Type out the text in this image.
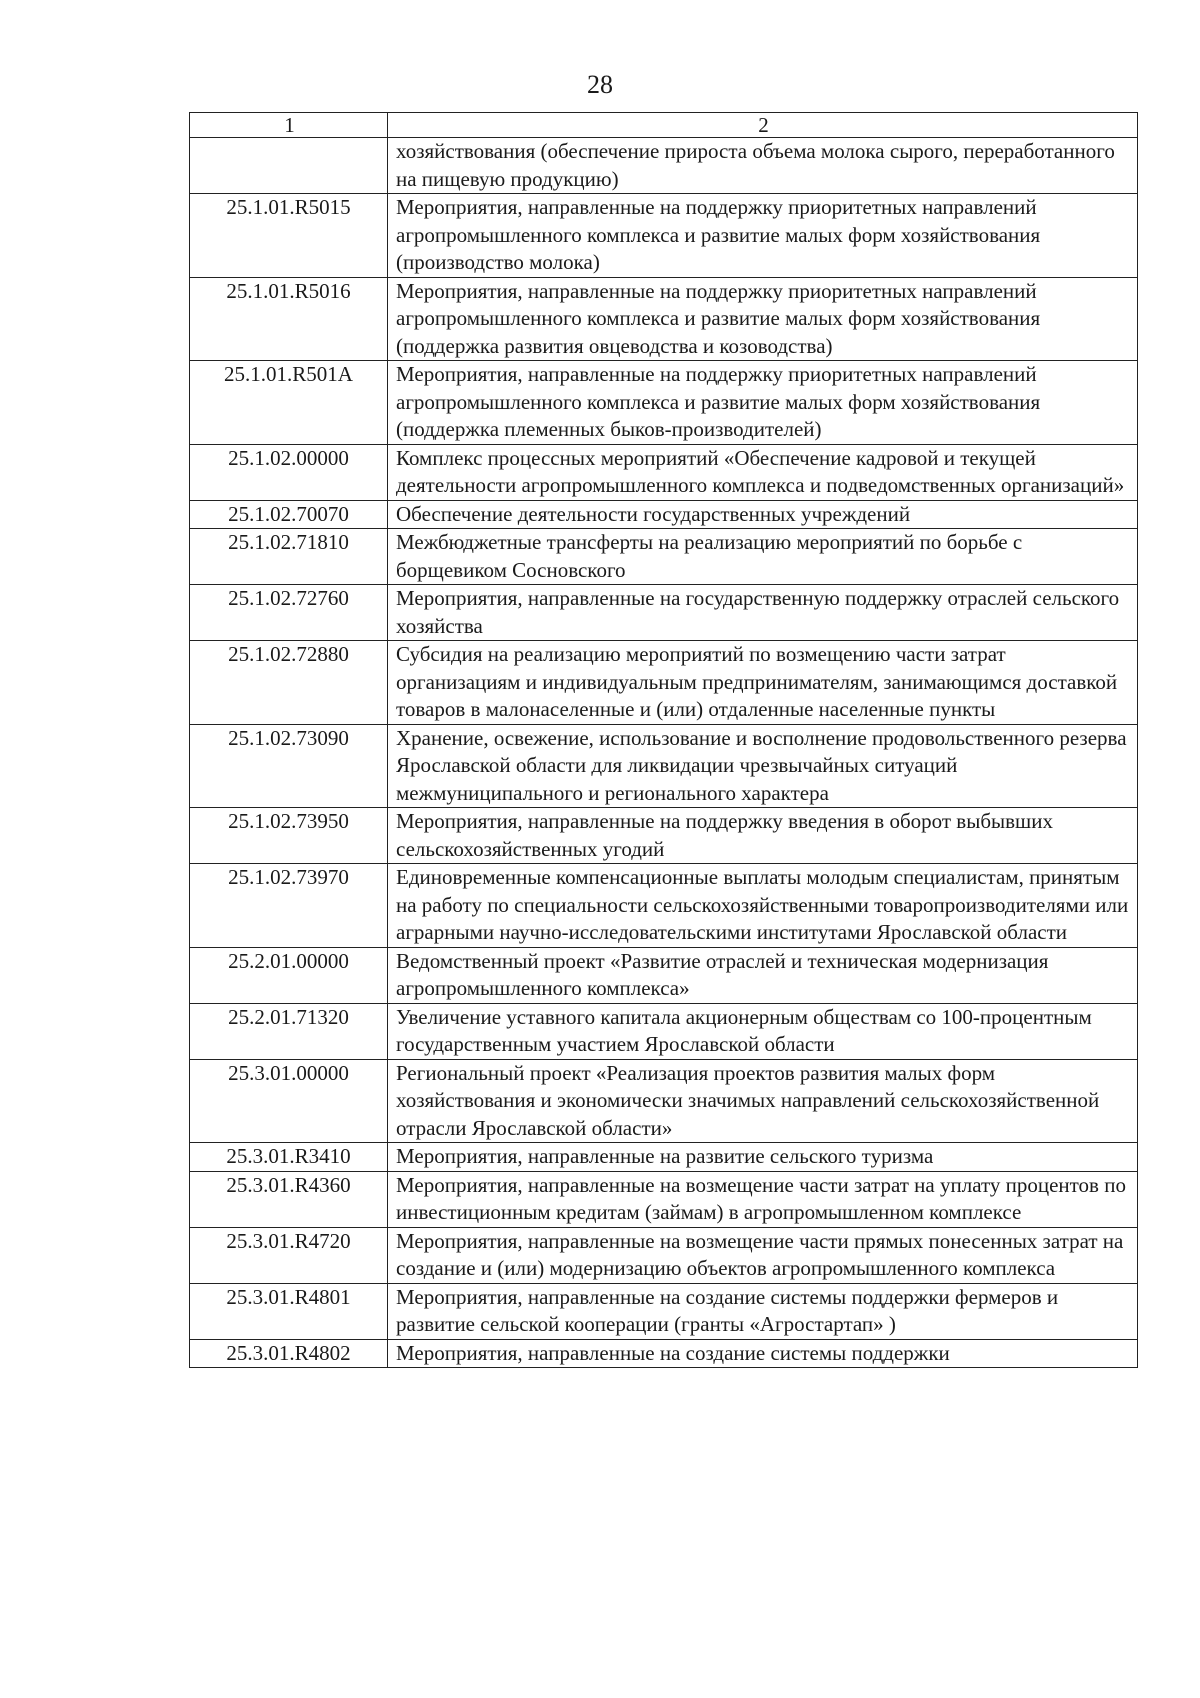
28
1	2
	хозяйствования (обеспечение прироста объема молока сырого, переработанного на пищевую продукцию)
25.1.01.R5015	Мероприятия, направленные на поддержку приоритетных направлений агропромышленного комплекса и развитие малых форм хозяйствования (производство молока)
25.1.01.R5016	Мероприятия, направленные на поддержку приоритетных направлений агропромышленного комплекса и развитие малых форм хозяйствования (поддержка развития овцеводства и козоводства)
25.1.01.R501A	Мероприятия, направленные на поддержку приоритетных направлений агропромышленного комплекса и развитие малых форм хозяйствования (поддержка племенных быков-производителей)
25.1.02.00000	Комплекс процессных мероприятий «Обеспечение кадровой и текущей деятельности агропромышленного комплекса и подведомственных организаций»
25.1.02.70070	Обеспечение деятельности государственных учреждений
25.1.02.71810	Межбюджетные трансферты на реализацию мероприятий по борьбе с борщевиком Сосновского
25.1.02.72760	Мероприятия, направленные на государственную поддержку отраслей сельского хозяйства
25.1.02.72880	Субсидия на реализацию мероприятий по возмещению части затрат организациям и индивидуальным предпринимателям, занимающимся доставкой товаров в малонаселенные и (или) отдаленные населенные пункты
25.1.02.73090	Хранение, освежение, использование и восполнение продовольственного резерва Ярославской области для ликвидации чрезвычайных ситуаций межмуниципального и регионального характера
25.1.02.73950	Мероприятия, направленные на поддержку введения в оборот выбывших сельскохозяйственных угодий
25.1.02.73970	Единовременные компенсационные выплаты молодым специалистам, принятым на работу по специальности сельскохозяйственными товаропроизводителями или аграрными научно-исследовательскими институтами Ярославской области
25.2.01.00000	Ведомственный проект «Развитие отраслей и техническая модернизация агропромышленного комплекса»
25.2.01.71320	Увеличение уставного капитала акционерным обществам со 100-процентным государственным участием Ярославской области
25.3.01.00000	Региональный проект «Реализация проектов развития малых форм хозяйствования и экономически значимых направлений сельскохозяйственной отрасли Ярославской области»
25.3.01.R3410	Мероприятия, направленные на развитие сельского туризма
25.3.01.R4360	Мероприятия, направленные на возмещение части затрат на уплату процентов по инвестиционным кредитам (займам) в агропромышленном комплексе
25.3.01.R4720	Мероприятия, направленные на возмещение части прямых понесенных затрат на создание и (или) модернизацию объектов агропромышленного комплекса
25.3.01.R4801	Мероприятия, направленные на создание системы поддержки фермеров и развитие сельской кооперации (гранты «Агростартап» )
25.3.01.R4802	Мероприятия, направленные на создание системы поддержки
